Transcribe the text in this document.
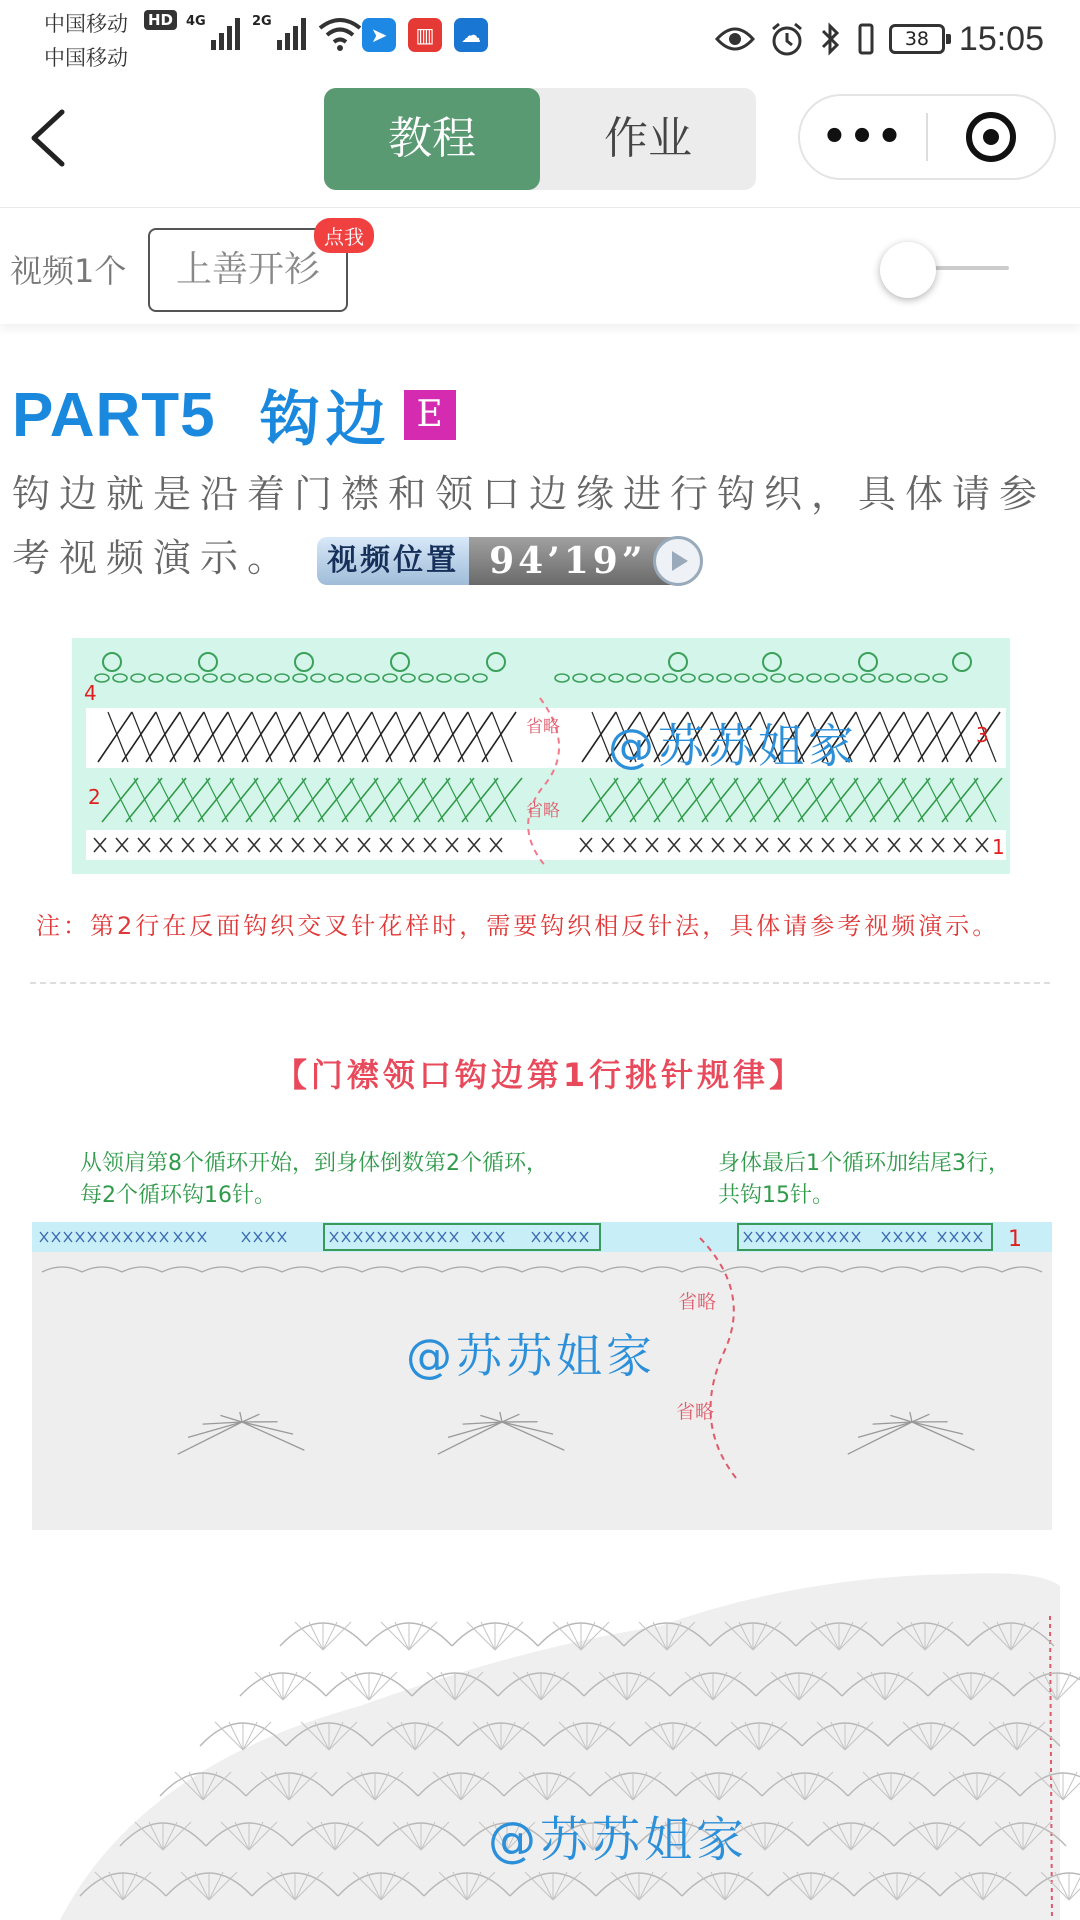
中国移动
中国移动
HD 4G	2G
➤	▥	☁	38 15:05
教程	作业	•••
视频1个	上善开衫
点我
PART5 钩边 E
钩边就是沿着门襟和领口边缘进行钩织，具体请参考视频演示。	视频位置 94’19”
省略
省略
4
3
2
1
@苏苏姐家
注：第2行在反面钩织交叉针花样时，需要钩织相反针法，具体请参考视频演示。
【门襟领口钩边第1行挑针规律】
从领肩第8个循环开始，到身体倒数第2个循环，
每2个循环钩16针。
身体最后1个循环加结尾3行，
共钩15针。
省略
省略
1
@苏苏姐家
@苏苏姐家
